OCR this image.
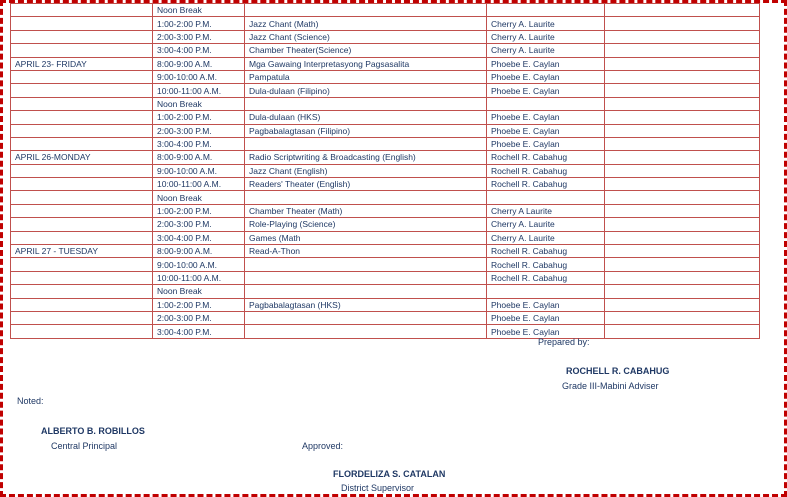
	Noon Break			
	1:00-2:00 P.M.	Jazz Chant (Math)	Cherry A. Laurite	
	2:00-3:00 P.M.	Jazz Chant (Science)	Cherry A. Laurite	
	3:00-4:00 P.M.	Chamber Theater(Science)	Cherry A. Laurite	
APRIL 23- FRIDAY	8:00-9:00 A.M.	Mga Gawaing Interpretasyong Pagsasalita	Phoebe E. Caylan	
	9:00-10:00 A.M.	Pampatula	Phoebe E. Caylan	
	10:00-11:00 A.M.	Dula-dulaan (Filipino)	Phoebe E. Caylan	
	Noon Break			
	1:00-2:00 P.M.	Dula-dulaan (HKS)	Phoebe E. Caylan	
	2:00-3:00 P.M.	Pagbabalagtasan (Filipino)	Phoebe E. Caylan	
	3:00-4:00 P.M.		Phoebe E. Caylan	
APRIL 26-MONDAY	8:00-9:00 A.M.	Radio Scriptwriting & Broadcasting (English)	Rochell R. Cabahug	
	9:00-10:00 A.M.	Jazz Chant (English)	Rochell R. Cabahug	
	10:00-11:00 A.M.	Readers' Theater (English)	Rochell R. Cabahug	
	Noon Break			
	1:00-2:00 P.M.	Chamber Theater (Math)	Cherry A Laurite	
	2:00-3:00 P.M.	Role-Playing (Science)	Cherry A. Laurite	
	3:00-4:00 P.M.	Games (Math	Cherry A. Laurite	
APRIL 27 - TUESDAY	8:00-9:00 A.M.	Read-A-Thon	Rochell R. Cabahug	
	9:00-10:00 A.M.		Rochell R. Cabahug	
	10:00-11:00 A.M.		Rochell R. Cabahug	
	Noon Break			
	1:00-2:00 P.M.	Pagbabalagtasan (HKS)	Phoebe E. Caylan	
	2:00-3:00 P.M.		Phoebe E. Caylan	
	3:00-4:00 P.M.		Phoebe E. Caylan	
Prepared by:
ROCHELL R. CABAHUG
Grade III-Mabini Adviser
Noted:
ALBERTO B. ROBILLOS
Central Principal	Approved:
FLORDELIZA S. CATALAN
District Supervisor
